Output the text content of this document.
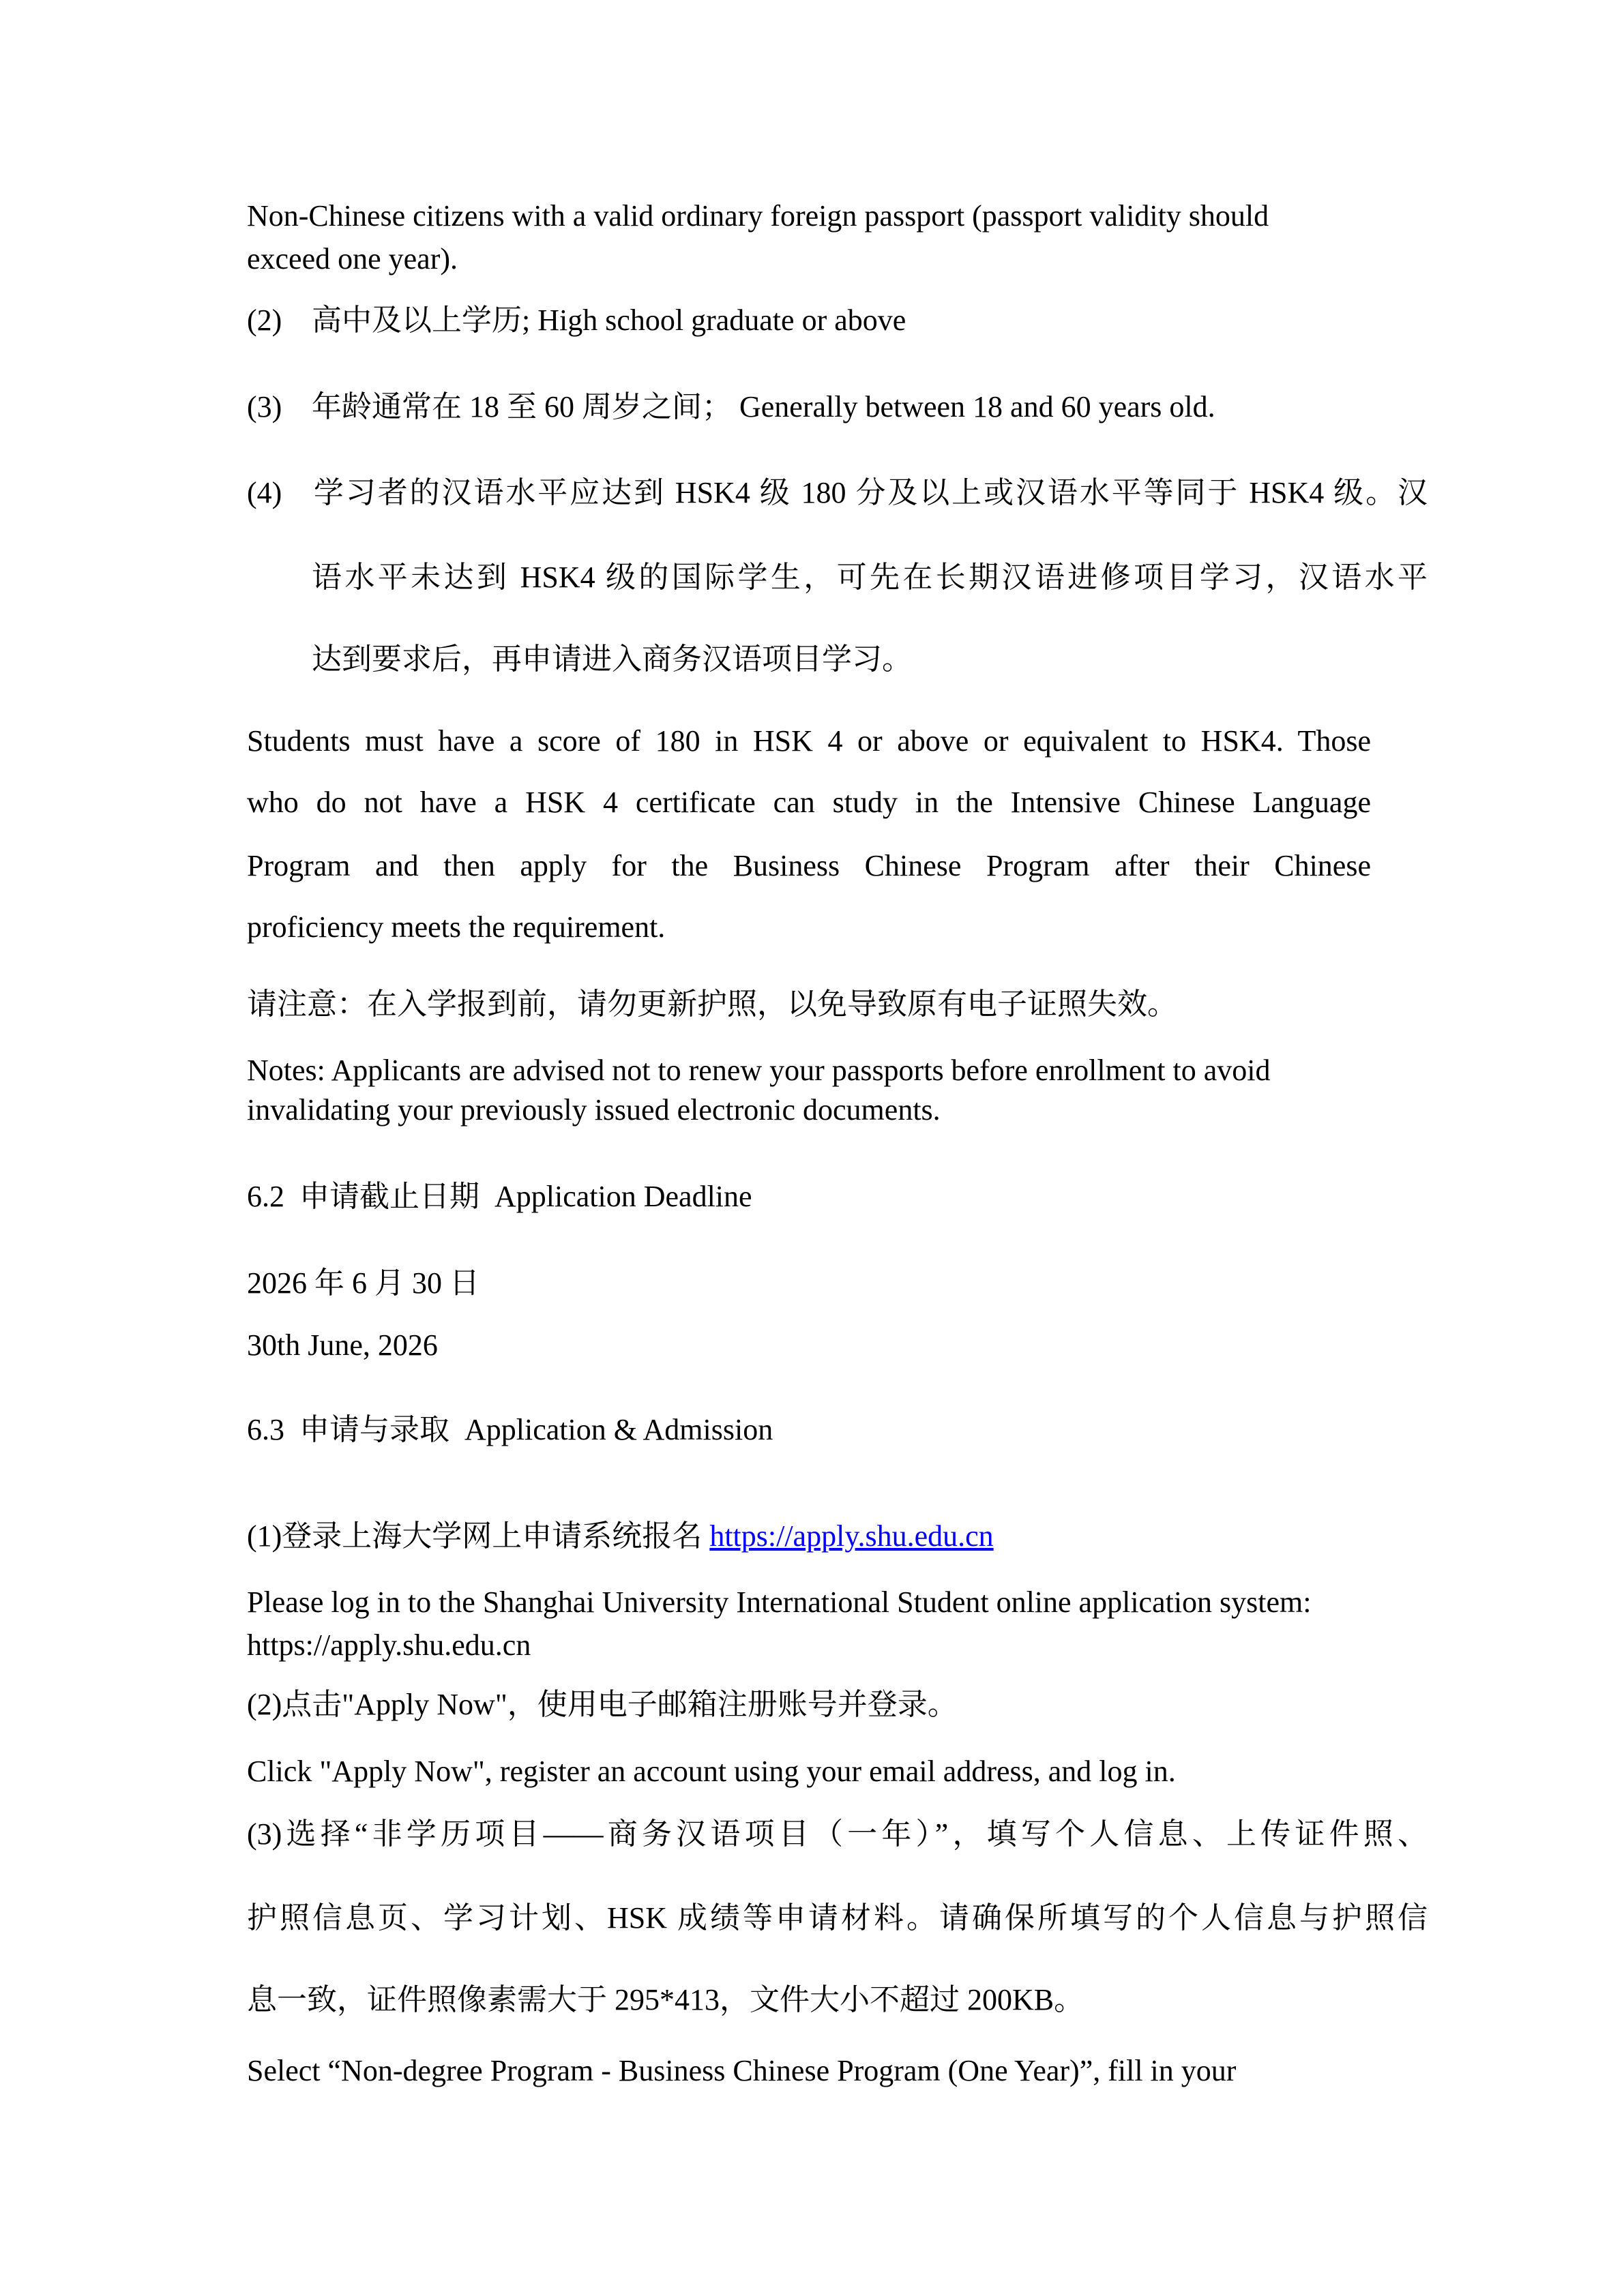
Non-Chinese citizens with a valid ordinary foreign passport (passport validity should
exceed one year).
(2) 高中及以上学历; High school graduate or above
(3) 年龄通常在 18 至 60 周岁之间； Generally between 18 and 60 years old.
(4) 学习者的汉语水平应达到 HSK4 级 180 分及以上或汉语水平等同于 HSK4 级。汉
语水平未达到 HSK4 级的国际学生，可先在长期汉语进修项目学习，汉语水平
达到要求后，再申请进入商务汉语项目学习。
Students must have a score of 180 in HSK 4 or above or equivalent to HSK4. Those
who do not have a HSK 4 certificate can study in the Intensive Chinese Language
Program and then apply for the Business Chinese Program after their Chinese
proficiency meets the requirement.
请注意：在入学报到前，请勿更新护照，以免导致原有电子证照失效。
Notes: Applicants are advised not to renew your passports before enrollment to avoid
invalidating your previously issued electronic documents.
6.2  申请截止日期  Application Deadline
2026 年 6 月 30 日
30th June, 2026
6.3  申请与录取  Application & Admission
(1)登录上海大学网上申请系统报名 https://apply.shu.edu.cn
Please log in to the Shanghai University International Student online application system:
https://apply.shu.edu.cn
(2)点击"Apply Now"，使用电子邮箱注册账号并登录。
Click "Apply Now", register an account using your email address, and log in.
(3)选择“非学历项目——商务汉语项目（一年）”，填写个人信息、上传证件照、
护照信息页、学习计划、HSK 成绩等申请材料。请确保所填写的个人信息与护照信
息一致，证件照像素需大于 295*413，文件大小不超过 200KB。
Select “Non-degree Program - Business Chinese Program (One Year)”, fill in your
